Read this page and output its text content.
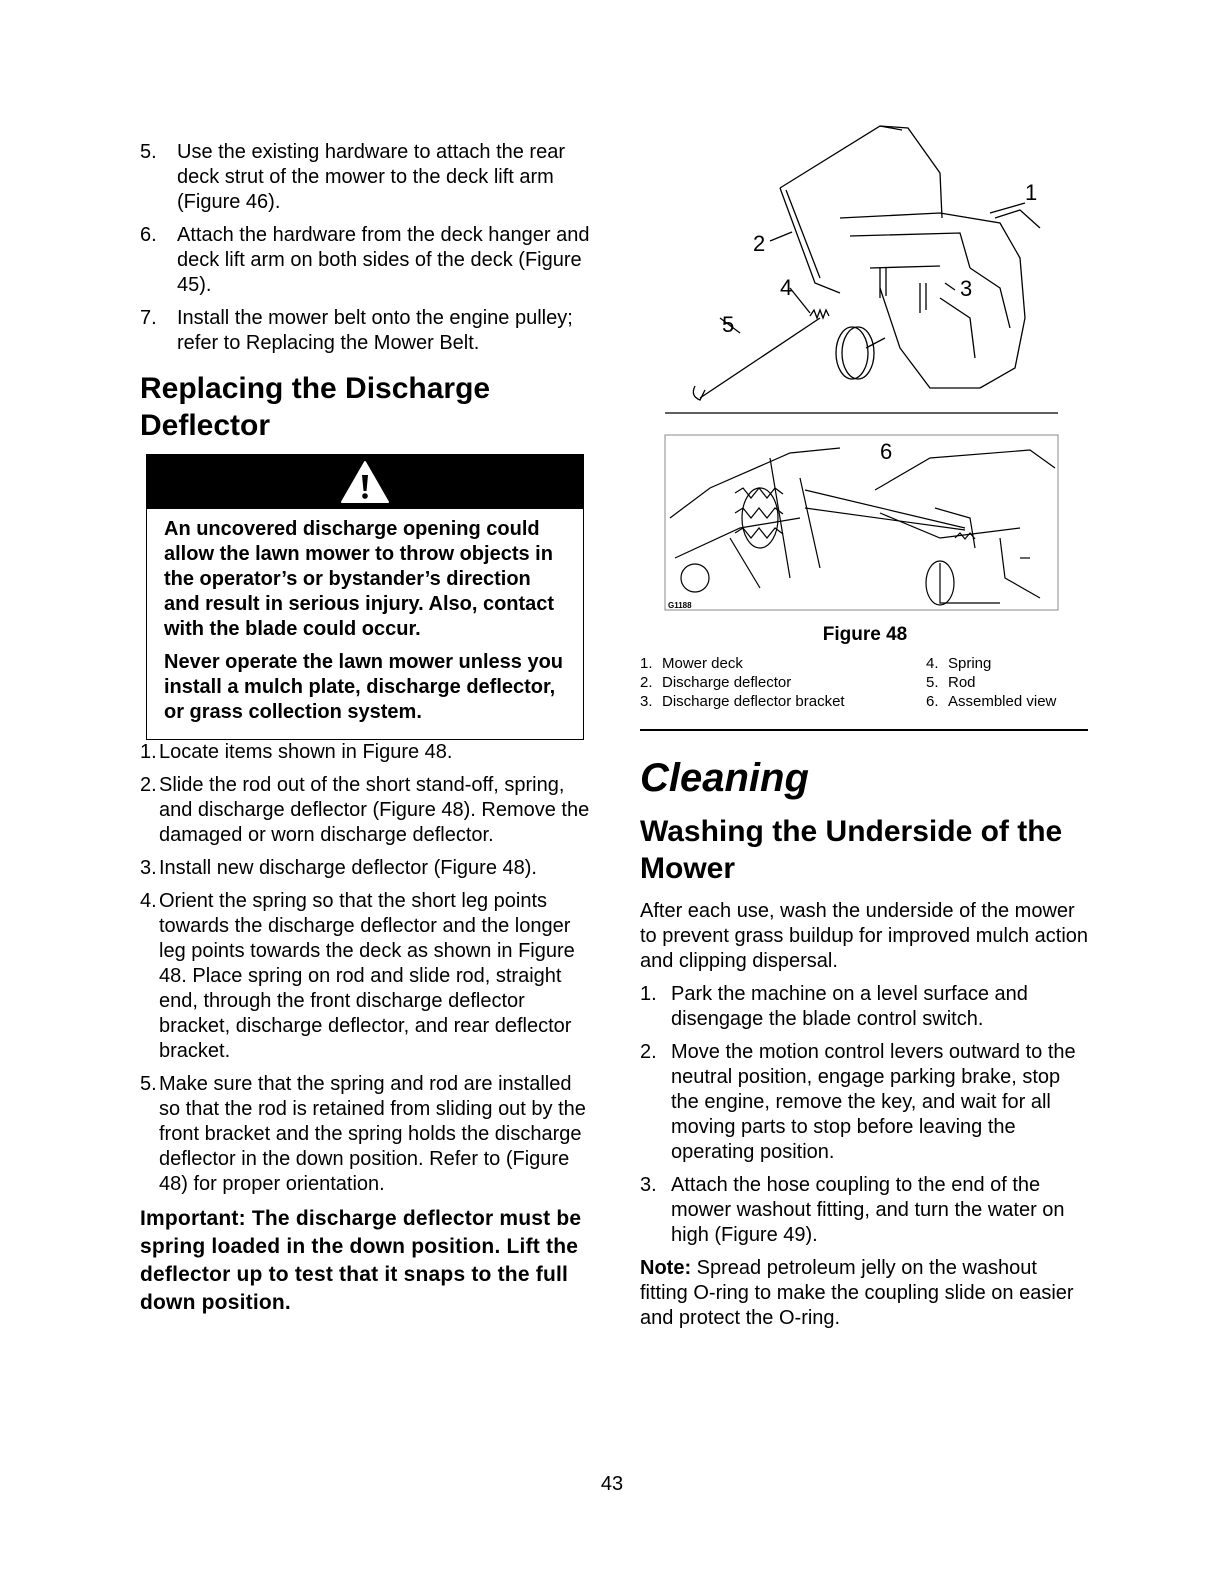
5. Use the existing hardware to attach the rear deck strut of the mower to the deck lift arm (Figure 46).
6. Attach the hardware from the deck hanger and deck lift arm on both sides of the deck (Figure 45).
7. Install the mower belt onto the engine pulley; refer to Replacing the Mower Belt.
Replacing the Discharge Deflector

An uncovered discharge opening could allow the lawn mower to throw objects in the operator’s or bystander’s direction and result in serious injury. Also, contact with the blade could occur.

Never operate the lawn mower unless you install a mulch plate, discharge deflector, or grass collection system.

1. Locate items shown in Figure 48.
2. Slide the rod out of the short stand-off, spring, and discharge deflector (Figure 48). Remove the damaged or worn discharge deflector.
3. Install new discharge deflector (Figure 48).
4. Orient the spring so that the short leg points towards the discharge deflector and the longer leg points towards the deck as shown in Figure 48. Place spring on rod and slide rod, straight end, through the front discharge deflector bracket, discharge deflector, and rear deflector bracket.
5. Make sure that the spring and rod are installed so that the rod is retained from sliding out by the front bracket and the spring holds the discharge deflector in the down position. Refer to (Figure 48) for proper orientation.
Important: The discharge deflector must be spring loaded in the down position. Lift the deflector up to test that it snaps to the full down position.
1
2
3
4
5
6
G1188
Figure 48
1. Mower deck	4. Spring
2. Discharge deflector	5. Rod
3. Discharge deflector bracket	6. Assembled view
Cleaning
Washing the Underside of the Mower

After each use, wash the underside of the mower to prevent grass buildup for improved mulch action and clipping dispersal.

1. Park the machine on a level surface and disengage the blade control switch.
2. Move the motion control levers outward to the neutral position, engage parking brake, stop the engine, remove the key, and wait for all moving parts to stop before leaving the operating position.
3. Attach the hose coupling to the end of the mower washout fitting, and turn the water on high (Figure 49).

Note: Spread petroleum jelly on the washout fitting O-ring to make the coupling slide on easier and protect the O-ring.

43
